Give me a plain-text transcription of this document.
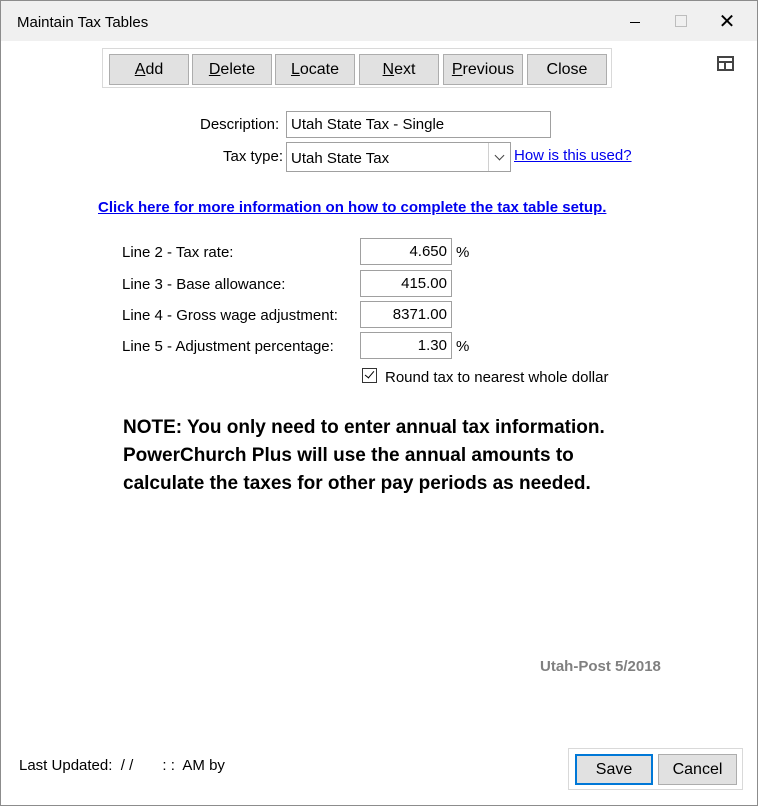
Maintain Tax Tables	✕
A dd	D elete L ocate	N ext P revious	Close
Description: Utah State Tax - Single
Tax type: Utah State Tax	How is this used?
Click here for more information on how to complete the tax table setup.
Line 2 - Tax rate:	4.650 %
Line 3 - Base allowance:	415.00
Line 4 - Gross wage adjustment:	8371.00
Line 5 - Adjustment percentage:	1.30 %
Round tax to nearest whole dollar
NOTE: You only need to enter annual tax information.
PowerChurch Plus will use the annual amounts to
calculate the taxes for other pay periods as needed.
Utah-Post 5/2018
Last Updated:  / /       : :  AM by	Save	Cancel
